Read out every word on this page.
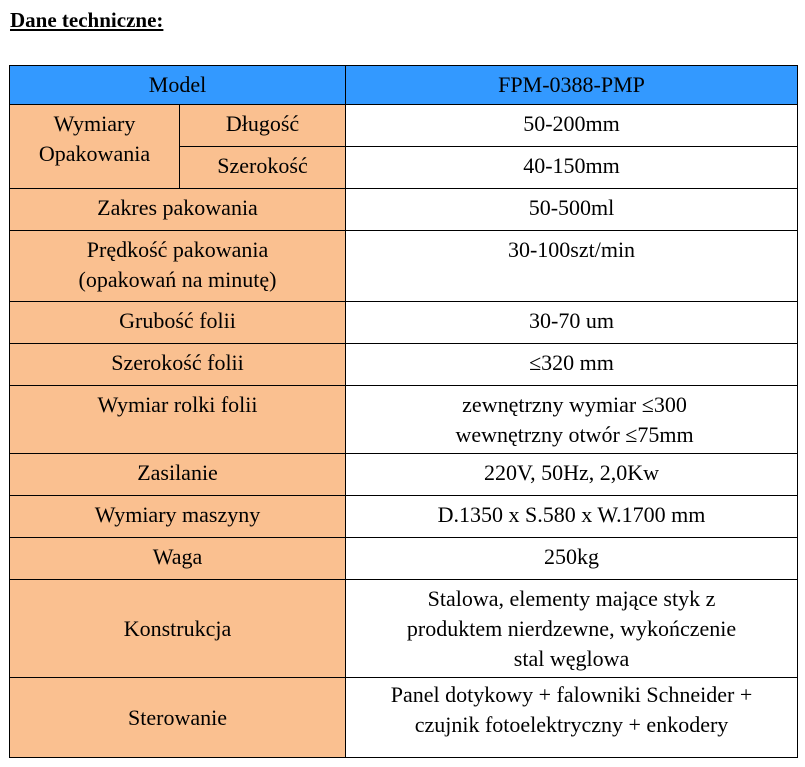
Dane techniczne:
Model		FPM-0388-PMP

Wymiary
Opakowania	Długość	50-200mm
	Szerokość	40-150mm

Zakres pakowania		50-500ml

Prędkość pakowania
(opakowań na minutę)		30-100szt/min

Grubość folii		30-70 um

Szerokość folii		≤320 mm

Wymiar rolki folii		zewnętrzny wymiar ≤300
wewnętrzny otwór ≤75mm

Zasilanie		220V, 50Hz, 2,0Kw

Wymiary maszyny		D.1350 x S.580 x W.1700 mm

Waga		250kg

Konstrukcja		Stalowa, elementy mające styk z
produktem nierdzewne, wykończenie
stal węglowa

Sterowanie		Panel dotykowy + falowniki Schneider +
czujnik fotoelektryczny + enkodery
